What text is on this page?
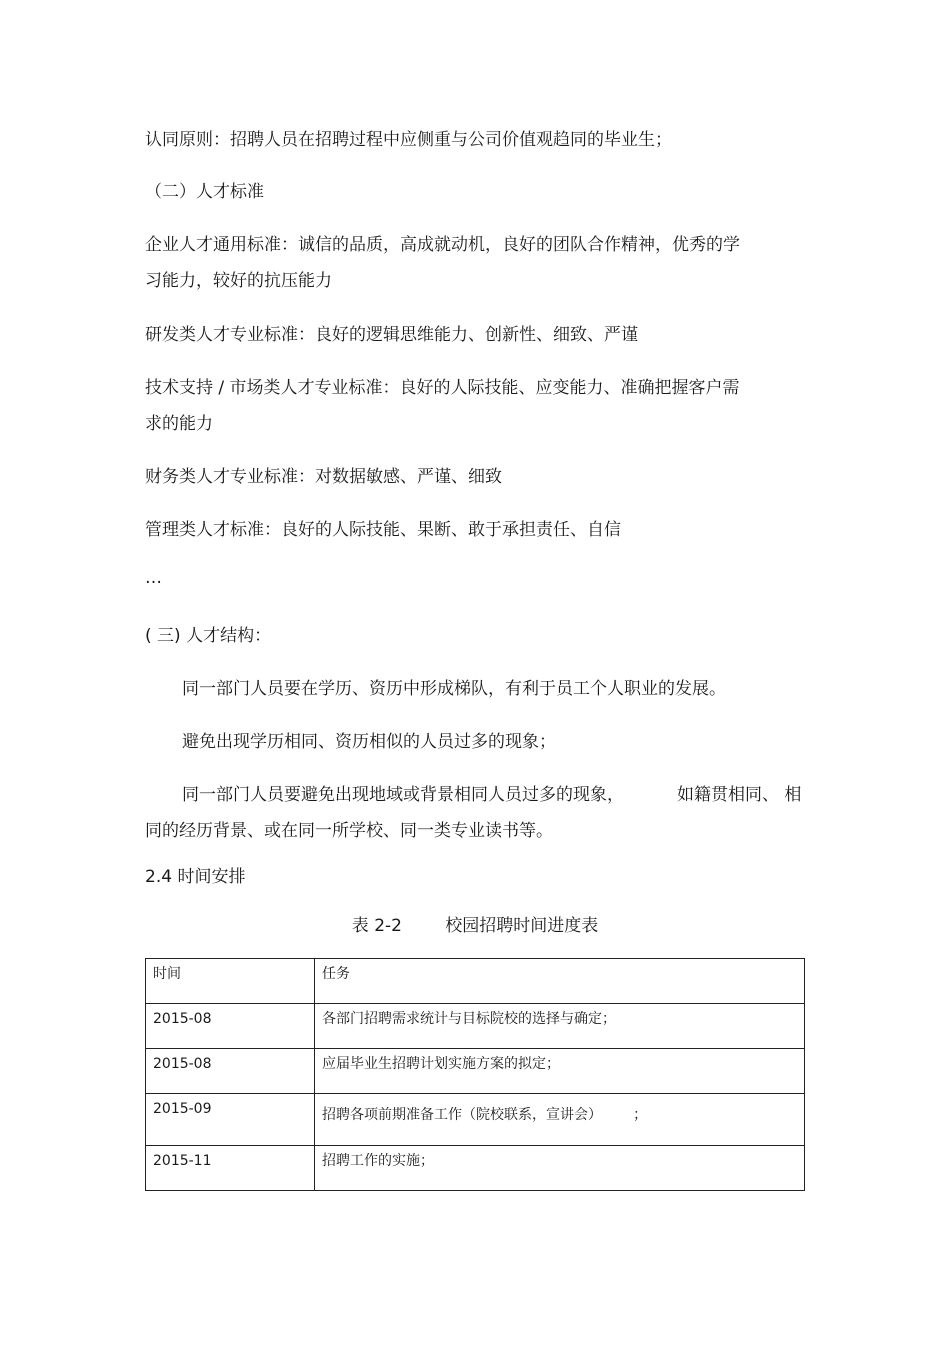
认同原则：招聘人员在招聘过程中应侧重与公司价值观趋同的毕业生；
（二）人才标准
企业人才通用标准：诚信的品质，高成就动机，良好的团队合作精神，优秀的学
习能力，较好的抗压能力
研发类人才专业标准：良好的逻辑思维能力、创新性、细致、严谨
技术支持 / 市场类人才专业标准：良好的人际技能、应变能力、准确把握客户需
求的能力
财务类人才专业标准：对数据敏感、严谨、细致
管理类人才标准：良好的人际技能、果断、敢于承担责任、自信
…
( 三) 人才结构：
同一部门人员要在学历、资历中形成梯队，有利于员工个人职业的发展。
避免出现学历相同、资历相似的人员过多的现象；
同一部门人员要避免出现地域或背景相同人员过多的现象，	如籍贯相同、 相
同的经历背景、或在同一所学校、同一类专业读书等。
2.4 时间安排
表 2-2        校园招聘时间进度表
时间	任务
2015-08	各部门招聘需求统计与目标院校的选择与确定；
2015-08	应届毕业生招聘计划实施方案的拟定；
2015-09	招聘各项前期准备工作（院校联系，宣讲会）       ；
2015-11	招聘工作的实施；
